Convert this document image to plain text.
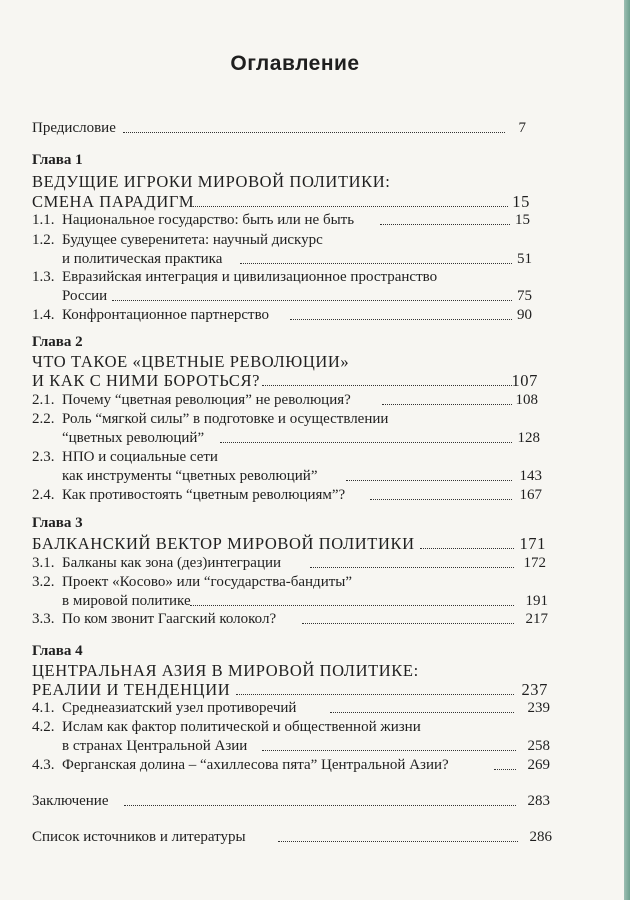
Оглавление
Предисловие	7
Глава 1
ВЕДУЩИЕ ИГРОКИ МИРОВОЙ ПОЛИТИКИ:
СМЕНА ПАРАДИГМ	15
1.1. Национальное государство: быть или не быть	15
1.2. Будущее суверенитета: научный дискурс
и политическая практика	51
1.3. Евразийская интеграция и цивилизационное пространство
России	75
1.4. Конфронтационное партнерство	90
Глава 2
ЧТО ТАКОЕ «ЦВЕТНЫЕ РЕВОЛЮЦИИ»
И КАК С НИМИ БОРОТЬСЯ?	107
2.1. Почему “цветная революция” не революция?	108
2.2. Роль “мягкой силы” в подготовке и осуществлении
“цветных революций”	128
2.3. НПО и социальные сети
как инструменты “цветных революций”	143
2.4. Как противостоять “цветным революциям”?	167
Глава 3
БАЛКАНСКИЙ ВЕКТОР МИРОВОЙ ПОЛИТИКИ	171
3.1. Балканы как зона (дез)интеграции	172
3.2. Проект «Косово» или “государства-бандиты”
в мировой политике	191
3.3. По ком звонит Гаагский колокол?	217
Глава 4
ЦЕНТРАЛЬНАЯ АЗИЯ В МИРОВОЙ ПОЛИТИКЕ:
РЕАЛИИ И ТЕНДЕНЦИИ	237
4.1. Среднеазиатский узел противоречий	239
4.2. Ислам как фактор политической и общественной жизни
в странах Центральной Азии	258
4.3. Ферганская долина – “ахиллесова пята” Центральной Азии?	269
Заключение	283
Список источников и литературы	286
